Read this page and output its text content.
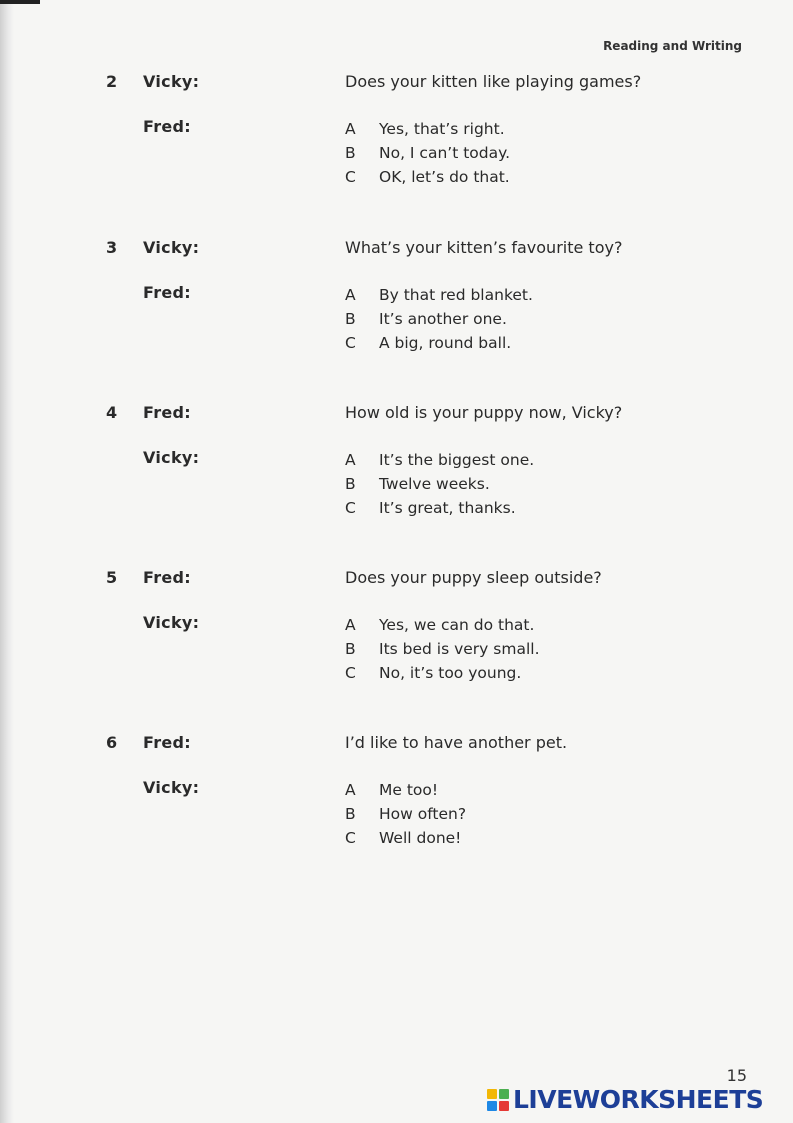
Reading and Writing
2 Vicky:	Does your kitten like playing games?
Fred:	A	Yes, that’s right.
B	No, I can’t today.
C	OK, let’s do that.
3 Vicky:	What’s your kitten’s favourite toy?
Fred:	A	By that red blanket.
B	It’s another one.
C	A big, round ball.
4 Fred:	How old is your puppy now, Vicky?
Vicky:	A	It’s the biggest one.
B	Twelve weeks.
C	It’s great, thanks.
5 Fred:	Does your puppy sleep outside?
Vicky:	A	Yes, we can do that.
B	Its bed is very small.
C	No, it’s too young.
6 Fred:	I’d like to have another pet.
Vicky:	A	Me too!
B	How often?
C	Well done!
15
LIVEWORKSHEETS
